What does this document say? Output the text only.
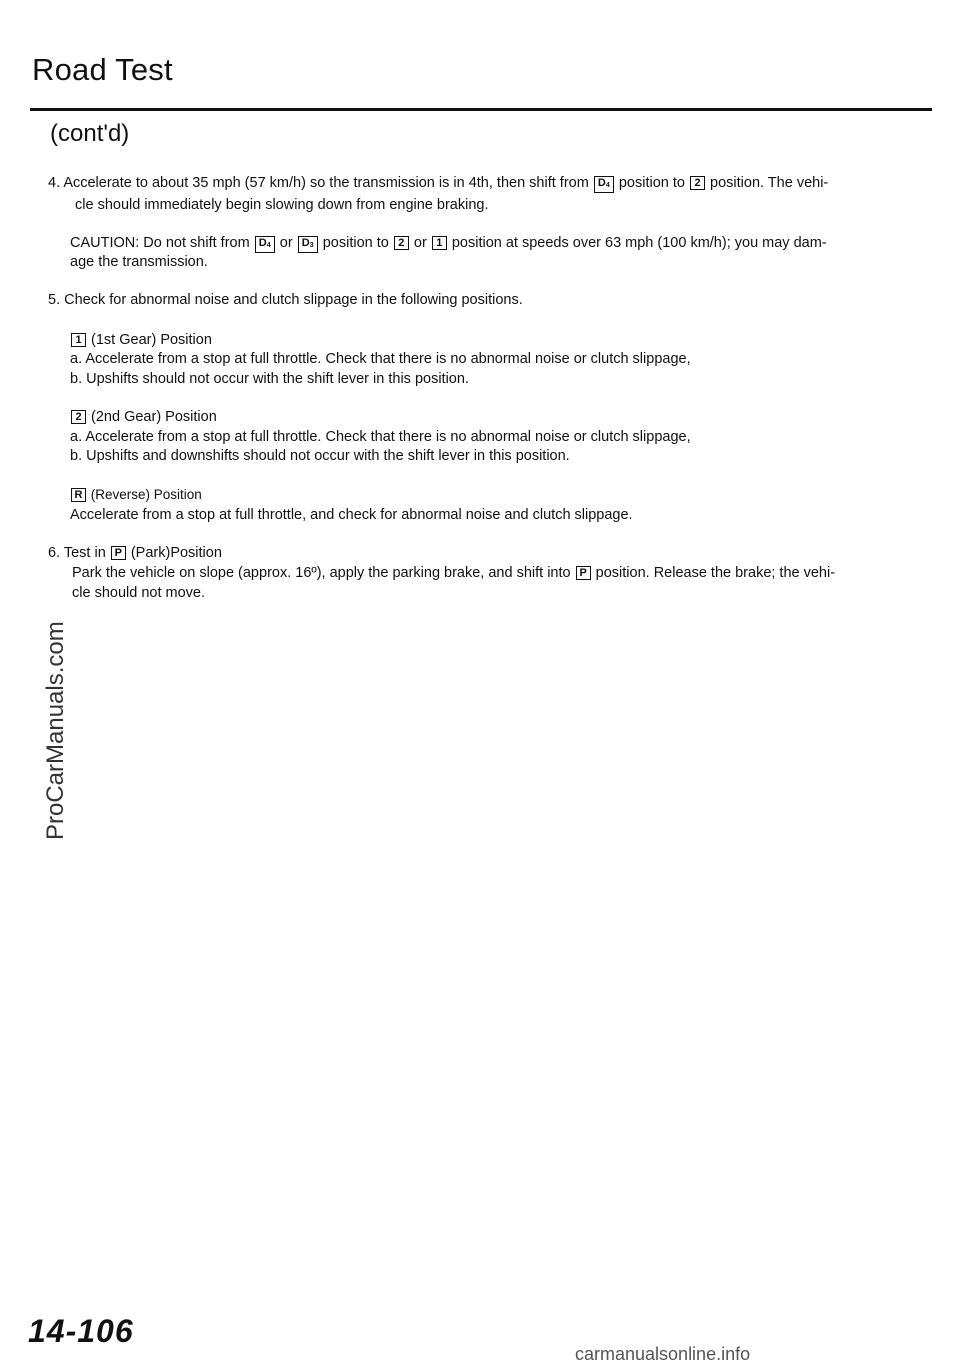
Road Test
(cont'd)
4. Accelerate to about 35 mph (57 km/h) so the transmission is in 4th, then shift from $D_4$ position to 2 position. The vehi-
cle should immediately begin slowing down from engine braking.
CAUTION: Do not shift from $D_4$ or $D_3$ position to 2 or 1 position at speeds over 63 mph (100 km/h); you may dam-
age the transmission.
5. Check for abnormal noise and clutch slippage in the following positions.
1 (1st Gear) Position
a. Accelerate from a stop at full throttle. Check that there is no abnormal noise or clutch slippage,
b. Upshifts should not occur with the shift lever in this position.
2 (2nd Gear) Position
a. Accelerate from a stop at full throttle. Check that there is no abnormal noise or clutch slippage,
b. Upshifts and downshifts should not occur with the shift lever in this position.
R (Reverse) Position
Accelerate from a stop at full throttle, and check for abnormal noise and clutch slippage.
6. Test in P (Park)Position
Park the vehicle on slope (approx. 16º), apply the parking brake, and shift into P position. Release the brake; the vehi-
cle should not move.
ProCarManuals.com
14-106
carmanualsonline.info
